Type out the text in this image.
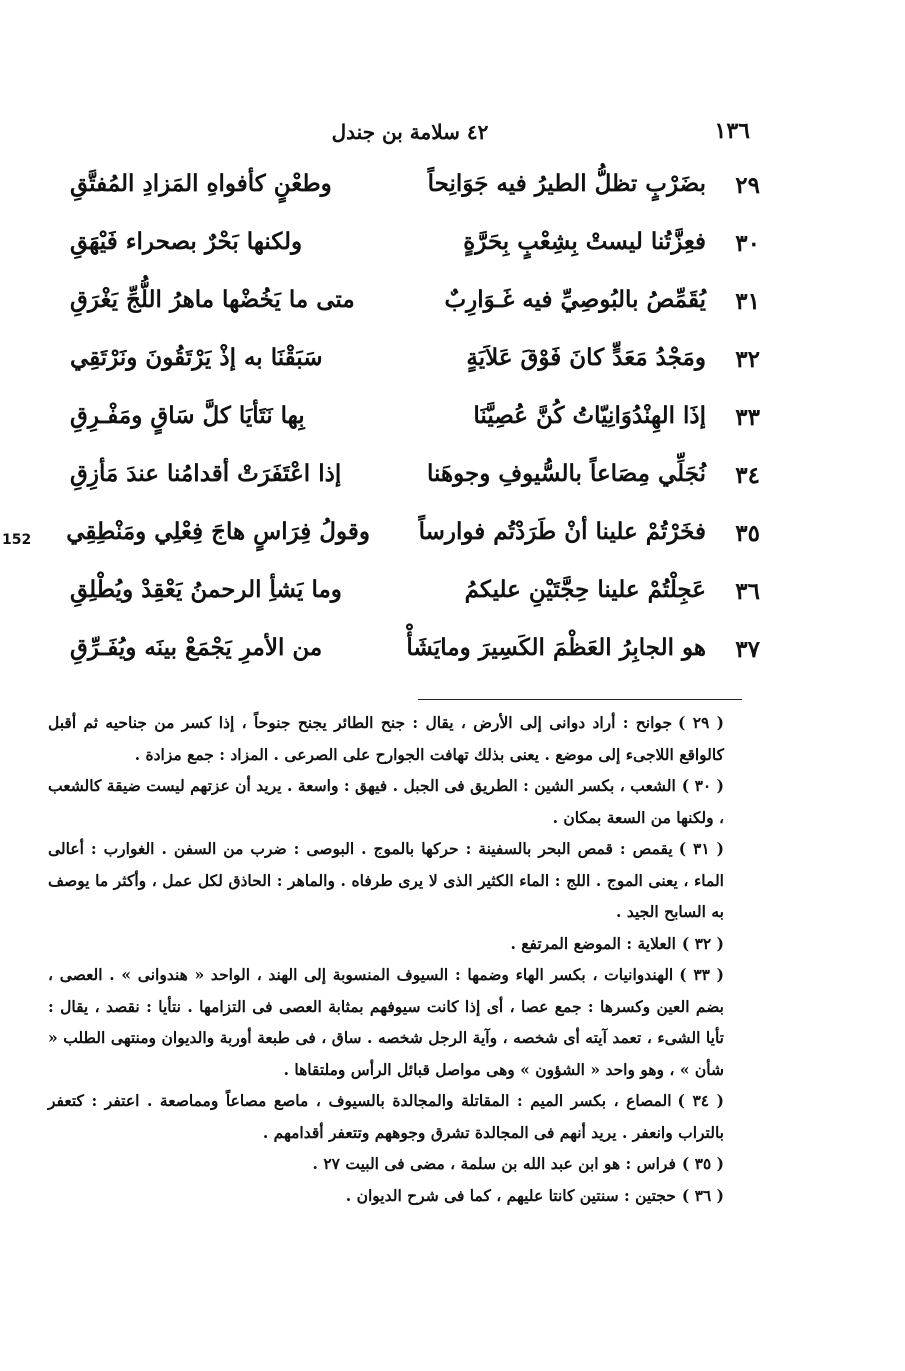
١٣٦
٤٢ سلامة بن جندل
152
٢٩
بضَرْبٍ تظلُّ الطيرُ فيه جَوَانِحاً
وطعْنٍ كأفواهِ المَزادِ المُفتَّقِ
٣٠
فعِزَّتُنا ليستْ بِشِعْبٍ بِحَرَّةٍ
ولكنها بَحْرٌ بصحراء فَيْهَقِ
٣١
يُقَمِّصُ بالبُوصِيِّ فيه غَـوَارِبٌ
متى ما يَخُضْها ماهرُ اللُّجِّ يَغْرَقِ
٣٢
ومَجْدُ مَعَدٍّ كانَ فَوْقَ عَلاَيَةٍ
سَبَقْنَا به إذْ يَرْتَقُونَ ونَرْتَقِي
٣٣
إذَا الهِنْدُوَانِيّاتُ كُنَّ عُصِيَّنَا
بِها نَتَأيَا كلَّ سَاقٍ ومَفْـرِقِ
٣٤
نُجَلِّي مِصَاعاً بالسُّيوفِ وجوهَنا
إذا اعْتَفَرَتْ أقدامُنا عندَ مَأزِقِ
٣٥
فخَرْتُمْ علينا أنْ طَرَدْتُم فوارساً
وقولُ فِرَاسٍ هاجَ فِعْلِي ومَنْطِقِي
٣٦
عَجِلْتُمْ علينا حِجَّتَيْنِ عليكمُ
وما يَشأِ الرحمنُ يَعْقِدْ ويُطْلِقِ
٣٧
هو الجابِرُ العَظْمَ الكَسِيرَ ومايَشَأْ
من الأمرِ يَجْمَعْ بينَه ويُفَـرِّقِ

( ٢٩ )جوانح : أراد دوانى إلى الأرض ، يقال : جنح الطائر يجنح جنوحاً ، إذا كسر من جناحيه ثم أقبل كالواقع اللاجىء إلى موضع . يعنى بذلك تهافت الجوارح على الصرعى . المزاد : جمع مزادة .

( ٣٠ )الشعب ، بكسر الشين : الطريق فى الجبل . فيهق : واسعة . يريد أن عزتهم ليست ضيقة كالشعب ، ولكنها من السعة بمكان .

( ٣١ )يقمص : قمص البحر بالسفينة : حركها بالموج . البوصى : ضرب من السفن . الغوارب : أعالى الماء ، يعنى الموج . اللج : الماء الكثير الذى لا يرى طرفاه . والماهر : الحاذق لكل عمل ، وأكثر ما يوصف به السابح الجيد .

( ٣٢ )العلاية : الموضع المرتفع .

( ٣٣ )الهندوانيات ، بكسر الهاء وضمها : السيوف المنسوبة إلى الهند ، الواحد « هندوانى » . العصى ، بضم العين وكسرها : جمع عصا ، أى إذا كانت سيوفهم بمثابة العصى فى التزامها . نتأيا : نقصد ، يقال : تأيا الشىء ، تعمد آيته أى شخصه ، وآية الرجل شخصه . ساق ، فى طبعة أوربة والديوان ومنتهى الطلب « شأن » ، وهو واحد « الشؤون » وهى مواصل قبائل الرأس وملتقاها .

( ٣٤ )المصاع ، بكسر الميم : المقاتلة والمجالدة بالسيوف ، ماصع مصاعاً ومماصعة . اعتفر : كتعفر بالتراب وانعفر . يريد أنهم فى المجالدة تشرق وجوههم وتتعفر أقدامهم .

( ٣٥ )فراس : هو ابن عبد الله بن سلمة ، مضى فى البيت ٢٧ .

( ٣٦ )حجتين : سنتين كانتا عليهم ، كما فى شرح الديوان .
